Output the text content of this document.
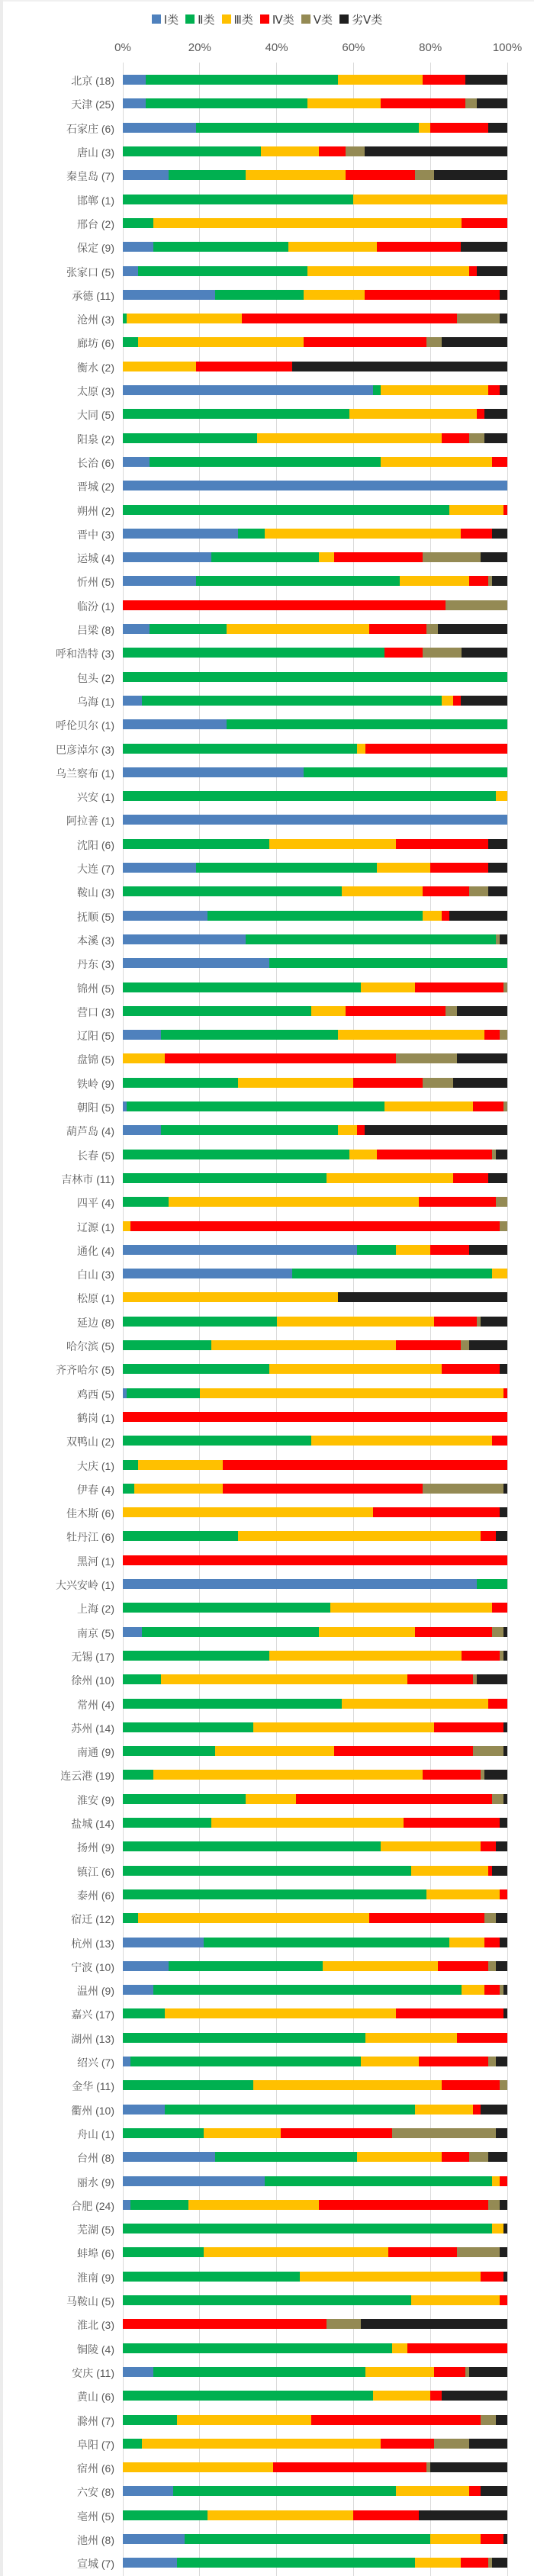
Ⅰ类 Ⅱ类 Ⅲ类 Ⅳ类 Ⅴ类 劣Ⅴ类
0%	20%	40%	60%	80%	100%
北京 (18)
天津 (25)
石家庄 (6)
唐山 (3)
秦皇岛 (7)
邯郸 (1)
邢台 (2)
保定 (9)
张家口 (5)
承德 (11)
沧州 (3)
廊坊 (6)
衡水 (2)
太原 (3)
大同 (5)
阳泉 (2)
长治 (6)
晋城 (2)
朔州 (2)
晋中 (3)
运城 (4)
忻州 (5)
临汾 (1)
吕梁 (8)
呼和浩特 (3)
包头 (2)
乌海 (1)
呼伦贝尔 (1)
巴彦淖尔 (3)
乌兰察布 (1)
兴安 (1)
阿拉善 (1)
沈阳 (6)
大连 (7)
鞍山 (3)
抚顺 (5)
本溪 (3)
丹东 (3)
锦州 (5)
营口 (3)
辽阳 (5)
盘锦 (5)
铁岭 (9)
朝阳 (5)
葫芦岛 (4)
长春 (5)
吉林市 (11)
四平 (4)
辽源 (1)
通化 (4)
白山 (3)
松原 (1)
延边 (8)
哈尔滨 (5)
齐齐哈尔 (5)
鸡西 (5)
鹤岗 (1)
双鸭山 (2)
大庆 (1)
伊春 (4)
佳木斯 (6)
牡丹江 (6)
黑河 (1)
大兴安岭 (1)
上海 (2)
南京 (5)
无锡 (17)
徐州 (10)
常州 (4)
苏州 (14)
南通 (9)
连云港 (19)
淮安 (9)
盐城 (14)
扬州 (9)
镇江 (6)
泰州 (6)
宿迁 (12)
杭州 (13)
宁波 (10)
温州 (9)
嘉兴 (17)
湖州 (13)
绍兴 (7)
金华 (11)
衢州 (10)
舟山 (1)
台州 (8)
丽水 (9)
合肥 (24)
芜湖 (5)
蚌埠 (6)
淮南 (9)
马鞍山 (5)
淮北 (3)
铜陵 (4)
安庆 (11)
黄山 (6)
滁州 (7)
阜阳 (7)
宿州 (6)
六安 (8)
亳州 (5)
池州 (8)
宣城 (7)
